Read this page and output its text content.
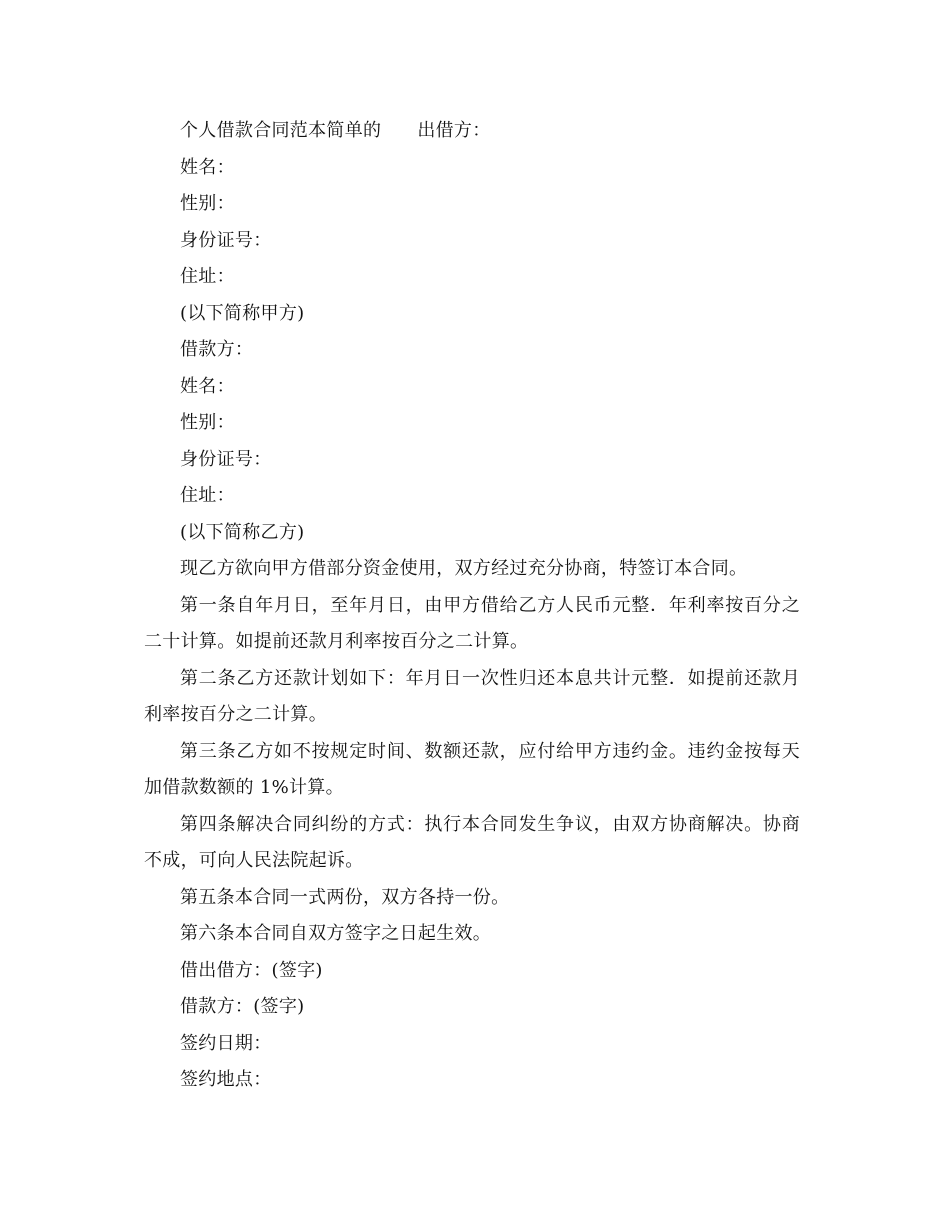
个人借款合同范本简单的 出借方：

姓名：

性别：

身份证号：

住址：

(以下简称甲方)

借款方：

姓名：

性别：

身份证号：

住址：

(以下简称乙方)

现乙方欲向甲方借部分资金使用，双方经过充分协商，特签订本合同。

第一条自年月日，至年月日，由甲方借给乙方人民币元整．年利率按百分之二十计算。如提前还款月利率按百分之二计算。

第二条乙方还款计划如下：年月日一次性归还本息共计元整．如提前还款月利率按百分之二计算。

第三条乙方如不按规定时间、数额还款，应付给甲方违约金。违约金按每天加借款数额的 1%计算。

第四条解决合同纠纷的方式：执行本合同发生争议，由双方协商解决。协商不成，可向人民法院起诉。

第五条本合同一式两份，双方各持一份。

第六条本合同自双方签字之日起生效。

借出借方：(签字)

借款方：(签字)

签约日期：

签约地点：
